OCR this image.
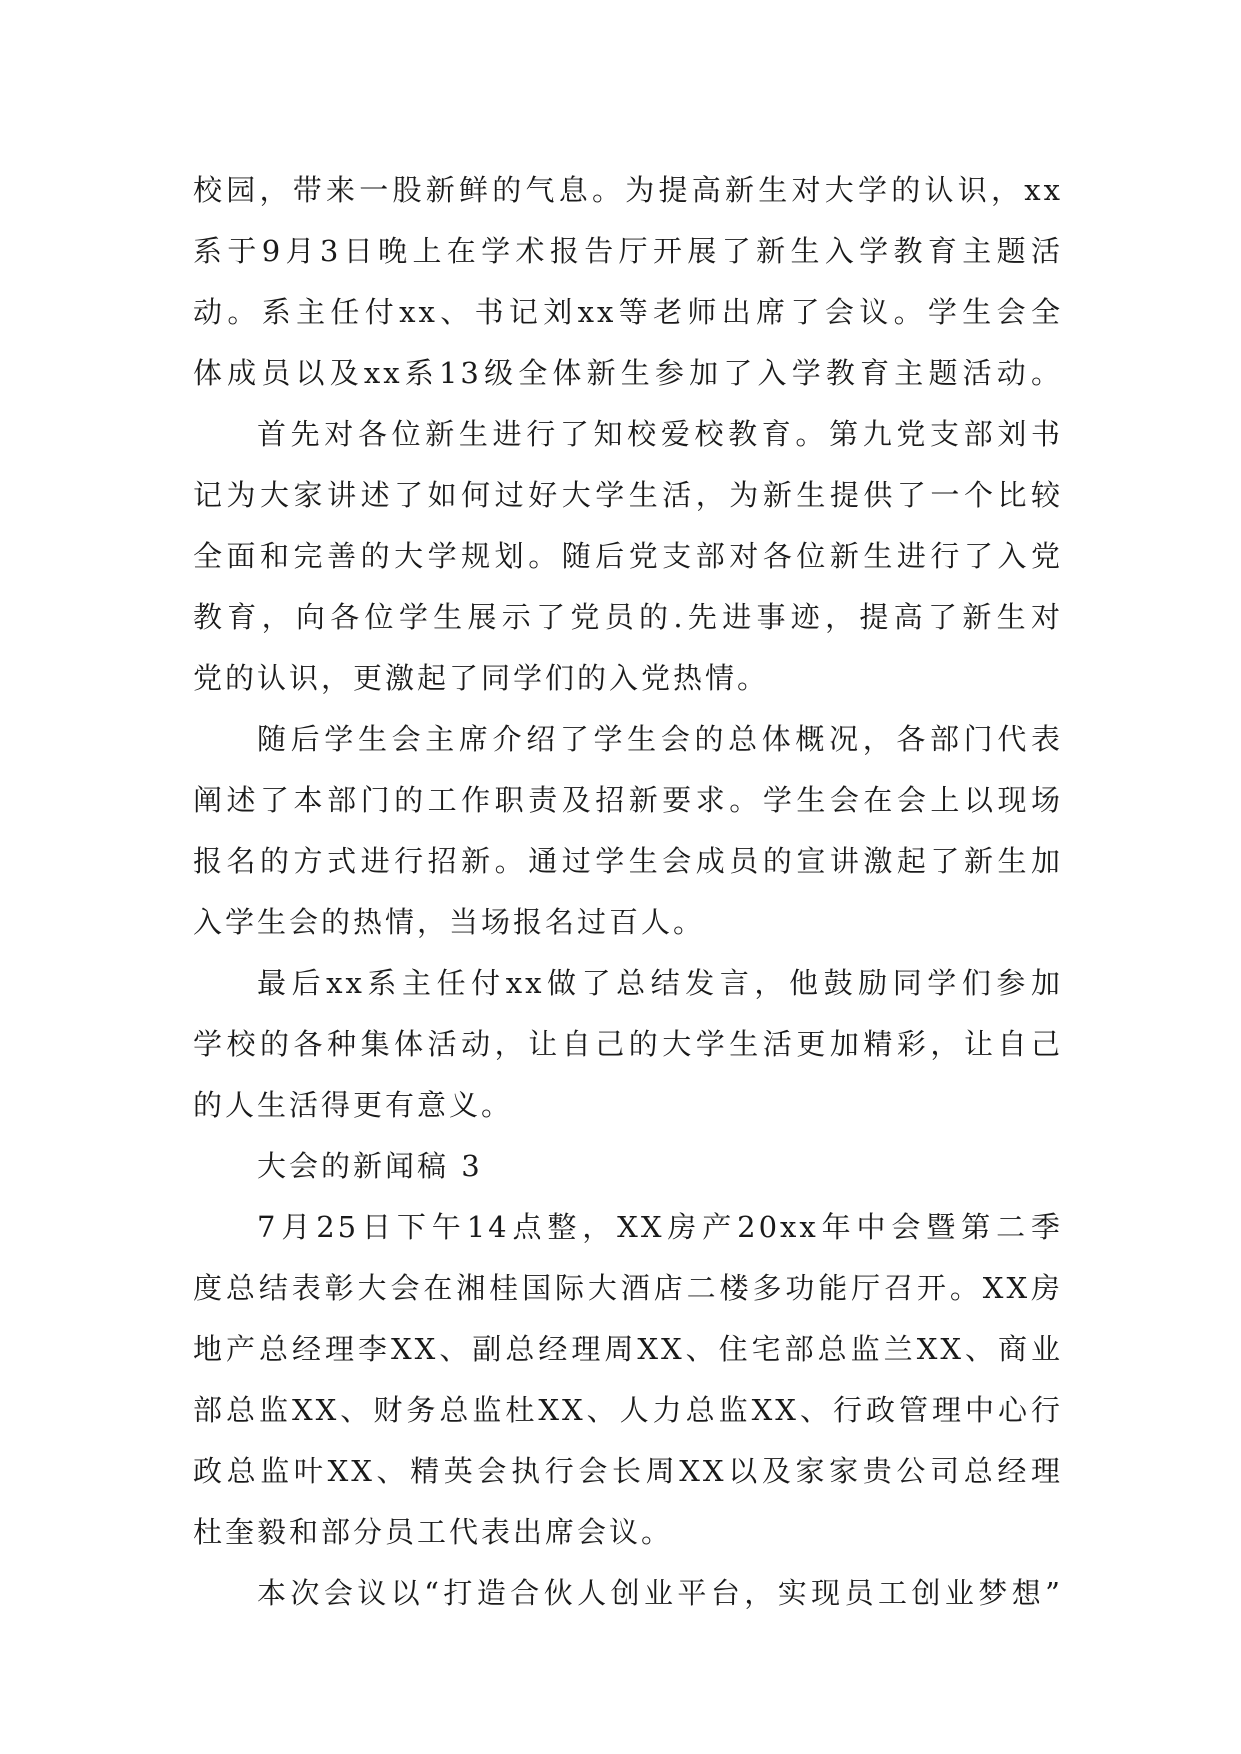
校园，带来一股新鲜的气息。为提高新生对大学的认识，xx
系于9月3日晚上在学术报告厅开展了新生入学教育主题活
动。系主任付xx、书记刘xx等老师出席了会议。学生会全
体成员以及xx系13级全体新生参加了入学教育主题活动。
首先对各位新生进行了知校爱校教育。第九党支部刘书
记为大家讲述了如何过好大学生活，为新生提供了一个比较
全面和完善的大学规划。随后党支部对各位新生进行了入党
教育，向各位学生展示了党员的.先进事迹，提高了新生对
党的认识，更激起了同学们的入党热情。
随后学生会主席介绍了学生会的总体概况，各部门代表
阐述了本部门的工作职责及招新要求。学生会在会上以现场
报名的方式进行招新。通过学生会成员的宣讲激起了新生加
入学生会的热情，当场报名过百人。
最后xx系主任付xx做了总结发言，他鼓励同学们参加
学校的各种集体活动，让自己的大学生活更加精彩，让自己
的人生活得更有意义。
大会的新闻稿 3
7月25日下午14点整，XX房产20xx年中会暨第二季
度总结表彰大会在湘桂国际大酒店二楼多功能厅召开。XX房
地产总经理李XX、副总经理周XX、住宅部总监兰XX、商业
部总监XX、财务总监杜XX、人力总监XX、行政管理中心行
政总监叶XX、精英会执行会长周XX以及家家贵公司总经理
杜奎毅和部分员工代表出席会议。
本次会议以“打造合伙人创业平台，实现员工创业梦想”
